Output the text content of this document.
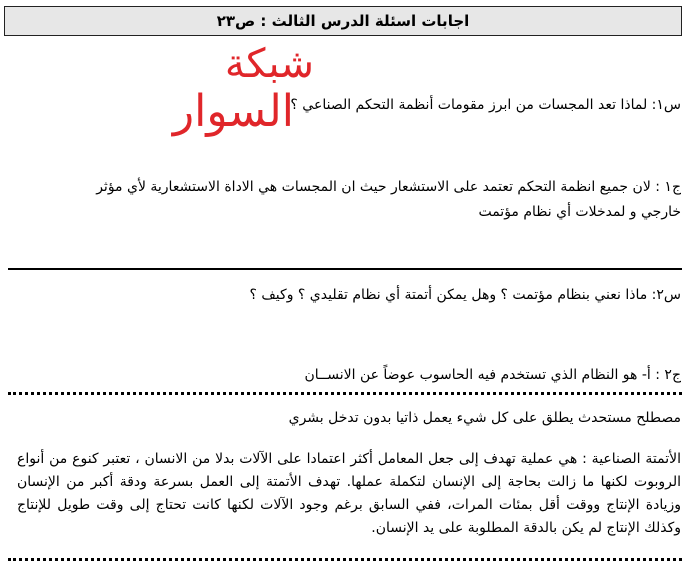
اجابات اسئلة الدرس الثالث : ص٢٣
شبكة
السوار
س١: لماذا تعد المجسات من ابرز مقومات أنظمة التحكم الصناعي ؟
ج١ : لان جميع انظمة التحكم تعتمد على الاستشعار حيث ان المجسات هي الاداة الاستشعارية لأي مؤثر
خارجي و لمدخلات أي نظام مؤتمت
س٢: ماذا نعني بنظام مؤتمت ؟ وهل يمكن أتمتة أي نظام تقليدي ؟ وكيف ؟
ج٢ : أ- هو النظام الذي تستخدم فيه الحاسوب عوضاً عن الانســان
مصطلح مستحدث يطلق على كل شيء يعمل ذاتيا بدون تدخل بشري
الأتمتة الصناعية : هي عملية تهدف إلى جعل المعامل أكثر اعتمادا على الآلات بدلا من الانسان ، تعتبر كنوع من أنواع الروبوت لكنها ما زالت بحاجة إلى الإنسان لتكملة عملها. تهدف الأتمتة إلى العمل بسرعة ودقة أكبر من الإنسان وزيادة الإنتاج ووقت أقل بمئات المرات، ففي السابق برغم وجود الآلات لكنها كانت تحتاج إلى وقت طويل للإنتاج وكذلك الإنتاج لم يكن بالدقة المطلوبة على يد الإنسان.
